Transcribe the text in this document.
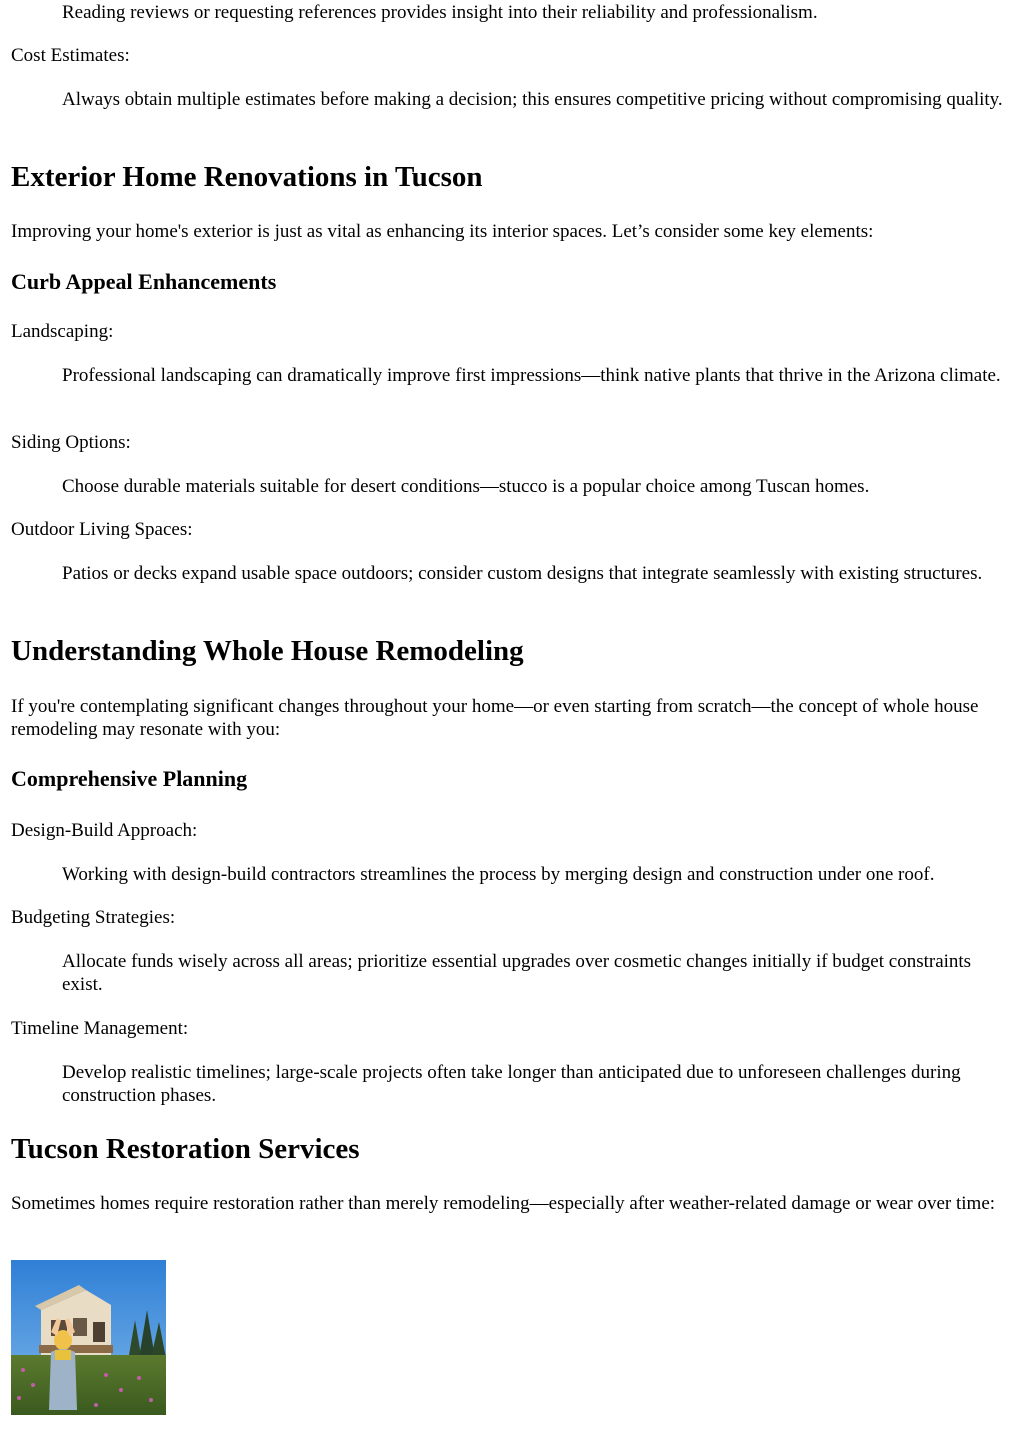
Reading reviews or requesting references provides insight into their reliability and professionalism.

Cost Estimates:

Always obtain multiple estimates before making a decision; this ensures competitive pricing without compromising quality.

Exterior Home Renovations in Tucson

Improving your home's exterior is just as vital as enhancing its interior spaces. Let’s consider some key elements:

Curb Appeal Enhancements

Landscaping:

Professional landscaping can dramatically improve first impressions—think native plants that thrive in the Arizona climate.

Siding Options:

Choose durable materials suitable for desert conditions—stucco is a popular choice among Tuscan homes.

Outdoor Living Spaces:

Patios or decks expand usable space outdoors; consider custom designs that integrate seamlessly with existing structures.

Understanding Whole House Remodeling

If you're contemplating significant changes throughout your home—or even starting from scratch—the concept of whole house remodeling may resonate with you:

Comprehensive Planning

Design-Build Approach:

Working with design-build contractors streamlines the process by merging design and construction under one roof.

Budgeting Strategies:

Allocate funds wisely across all areas; prioritize essential upgrades over cosmetic changes initially if budget constraints exist.

Timeline Management:

Develop realistic timelines; large-scale projects often take longer than anticipated due to unforeseen challenges during construction phases.

Tucson Restoration Services

Sometimes homes require restoration rather than merely remodeling—especially after weather-related damage or wear over time:
